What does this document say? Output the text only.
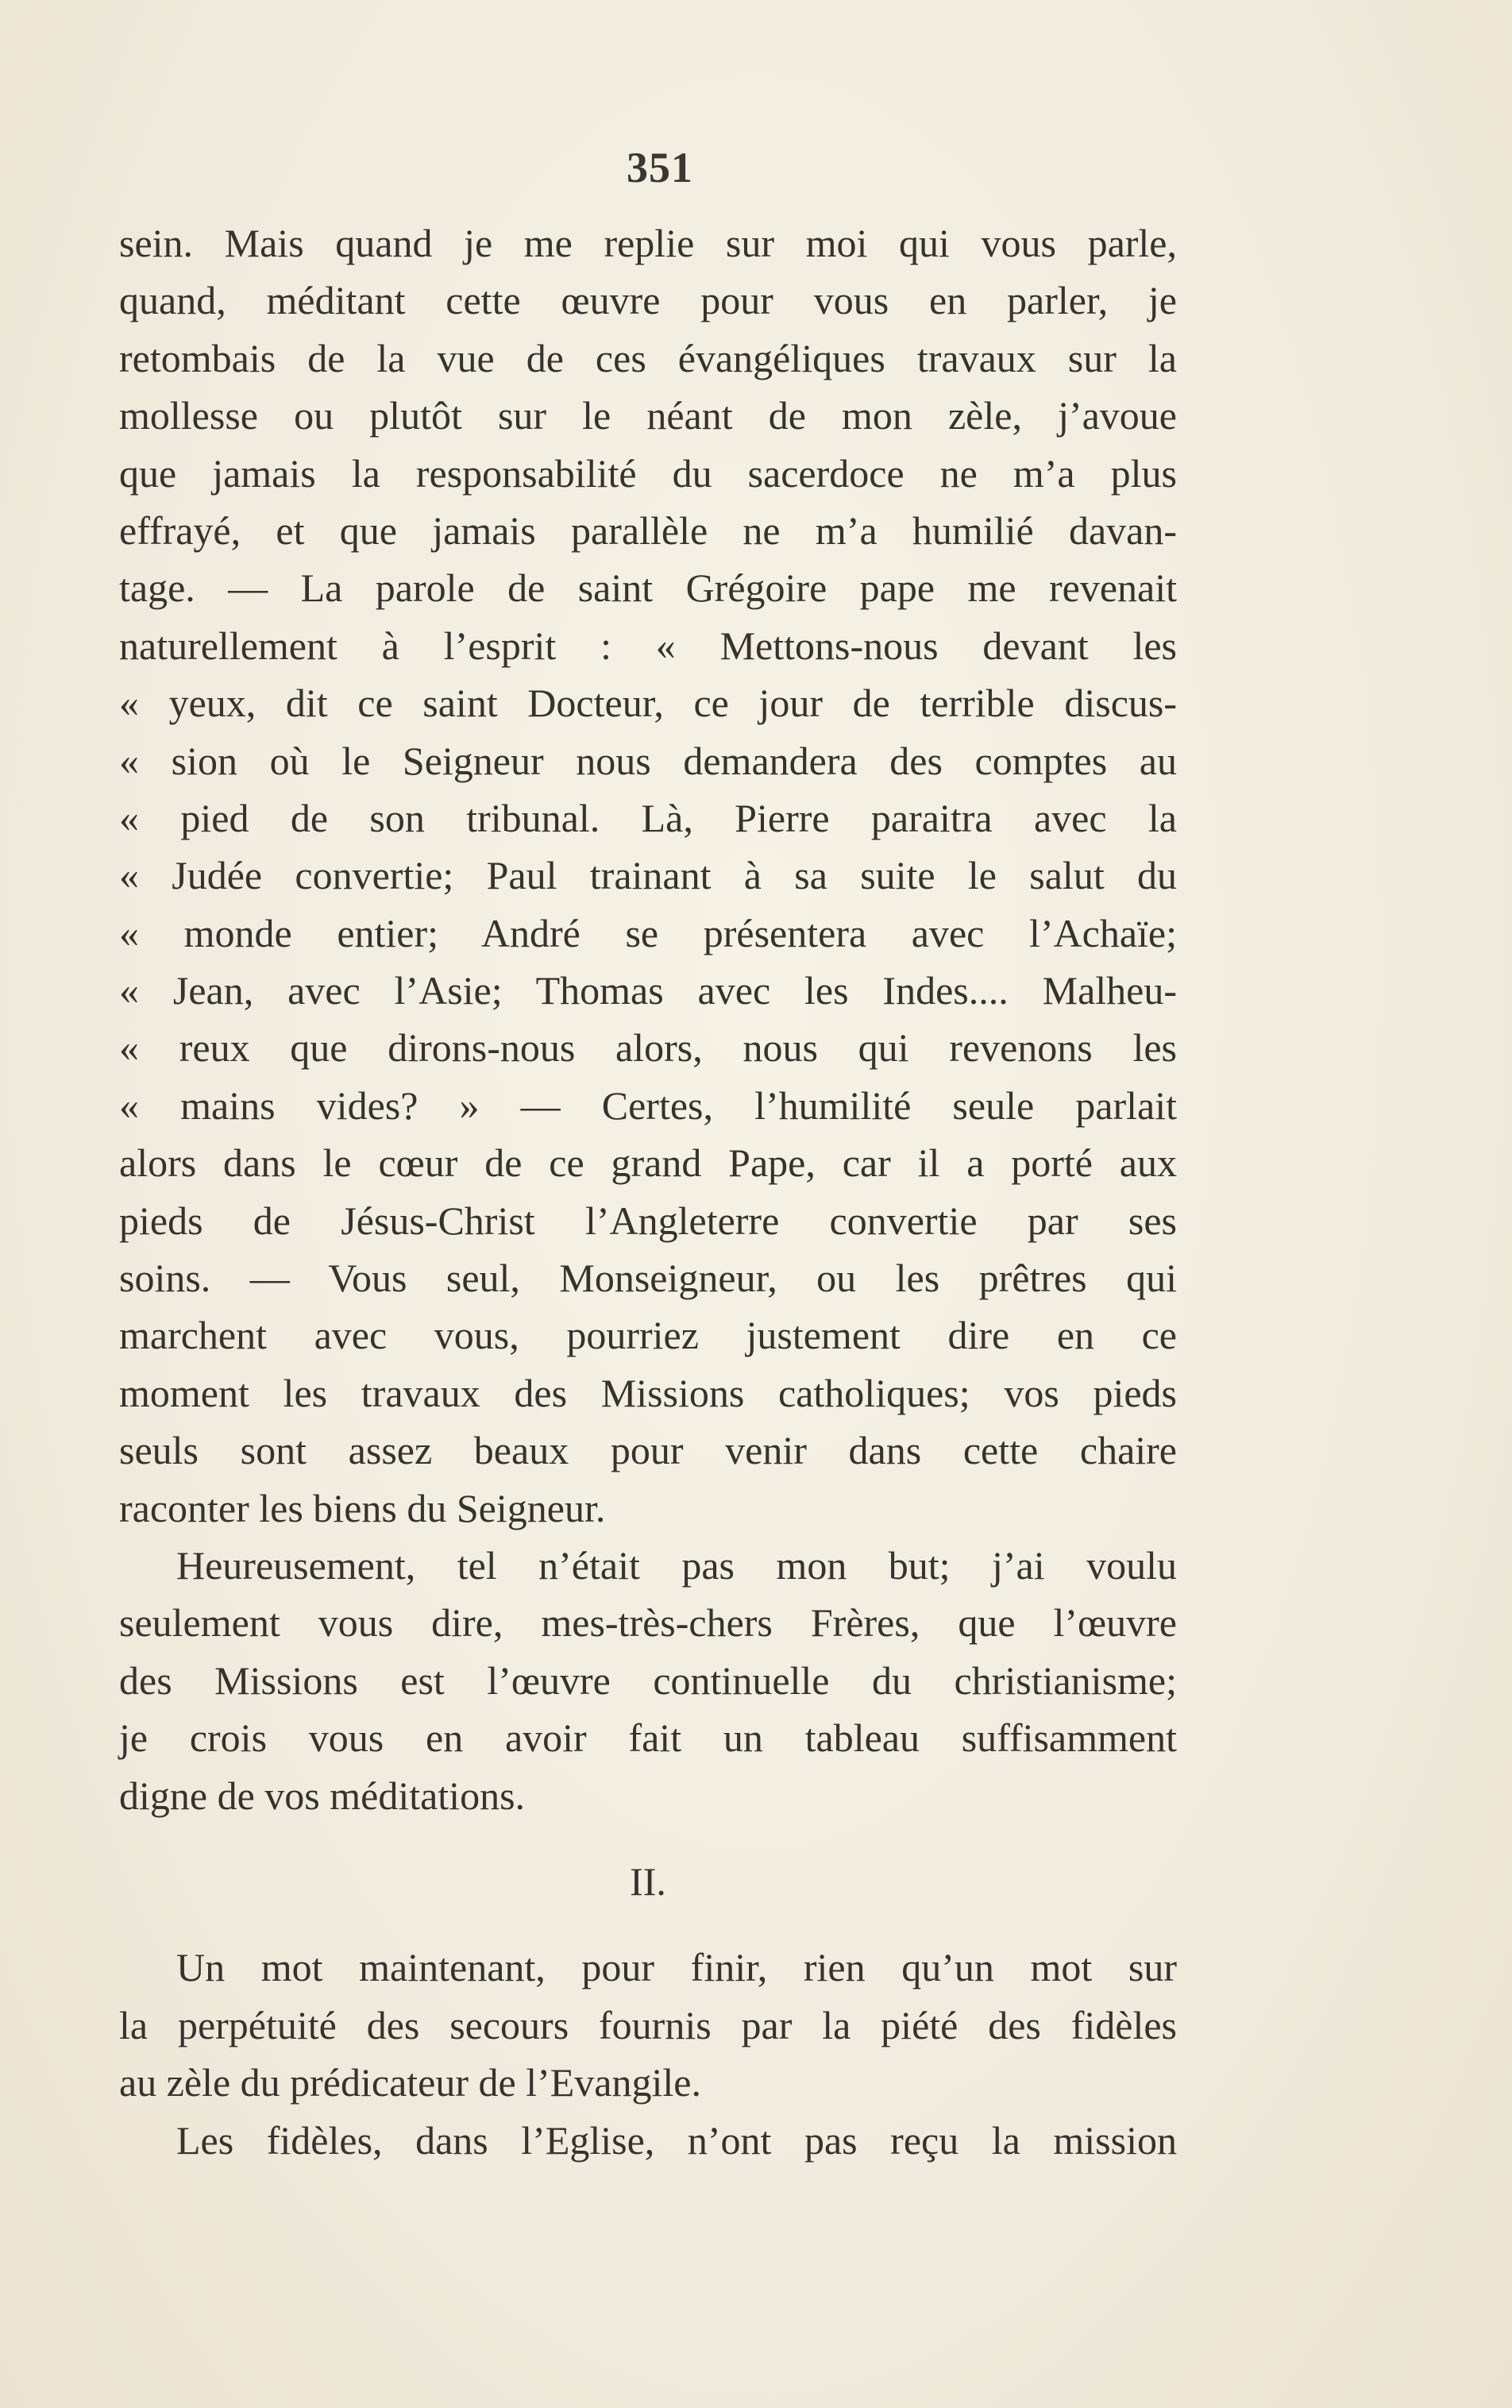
351
sein. Mais quand je me replie sur moi qui vous parle,
quand, méditant cette œuvre pour vous en parler, je
retombais de la vue de ces évangéliques travaux sur la
mollesse ou plutôt sur le néant de mon zèle, j’avoue
que jamais la responsabilité du sacerdoce ne m’a plus
effrayé, et que jamais parallèle ne m’a humilié davan-
tage. — La parole de saint Grégoire pape me revenait
naturellement à l’esprit : « Mettons-nous devant les
« yeux, dit ce saint Docteur, ce jour de terrible discus-
« sion où le Seigneur nous demandera des comptes au
« pied de son tribunal. Là, Pierre paraitra avec la
« Judée convertie; Paul trainant à sa suite le salut du
« monde entier; André se présentera avec l’Achaïe;
« Jean, avec l’Asie; Thomas avec les Indes.... Malheu-
« reux que dirons-nous alors, nous qui revenons les
« mains vides? » — Certes, l’humilité seule parlait
alors dans le cœur de ce grand Pape, car il a porté aux
pieds de Jésus-Christ l’Angleterre convertie par ses
soins. — Vous seul, Monseigneur, ou les prêtres qui
marchent avec vous, pourriez justement dire en ce
moment les travaux des Missions catholiques; vos pieds
seuls sont assez beaux pour venir dans cette chaire
raconter les biens du Seigneur.
Heureusement, tel n’était pas mon but; j’ai voulu
seulement vous dire, mes-très-chers Frères, que l’œuvre
des Missions est l’œuvre continuelle du christianisme;
je crois vous en avoir fait un tableau suffisamment
digne de vos méditations.
II.
Un mot maintenant, pour finir, rien qu’un mot sur
la perpétuité des secours fournis par la piété des fidèles
au zèle du prédicateur de l’Evangile.
Les fidèles, dans l’Eglise, n’ont pas reçu la mission
